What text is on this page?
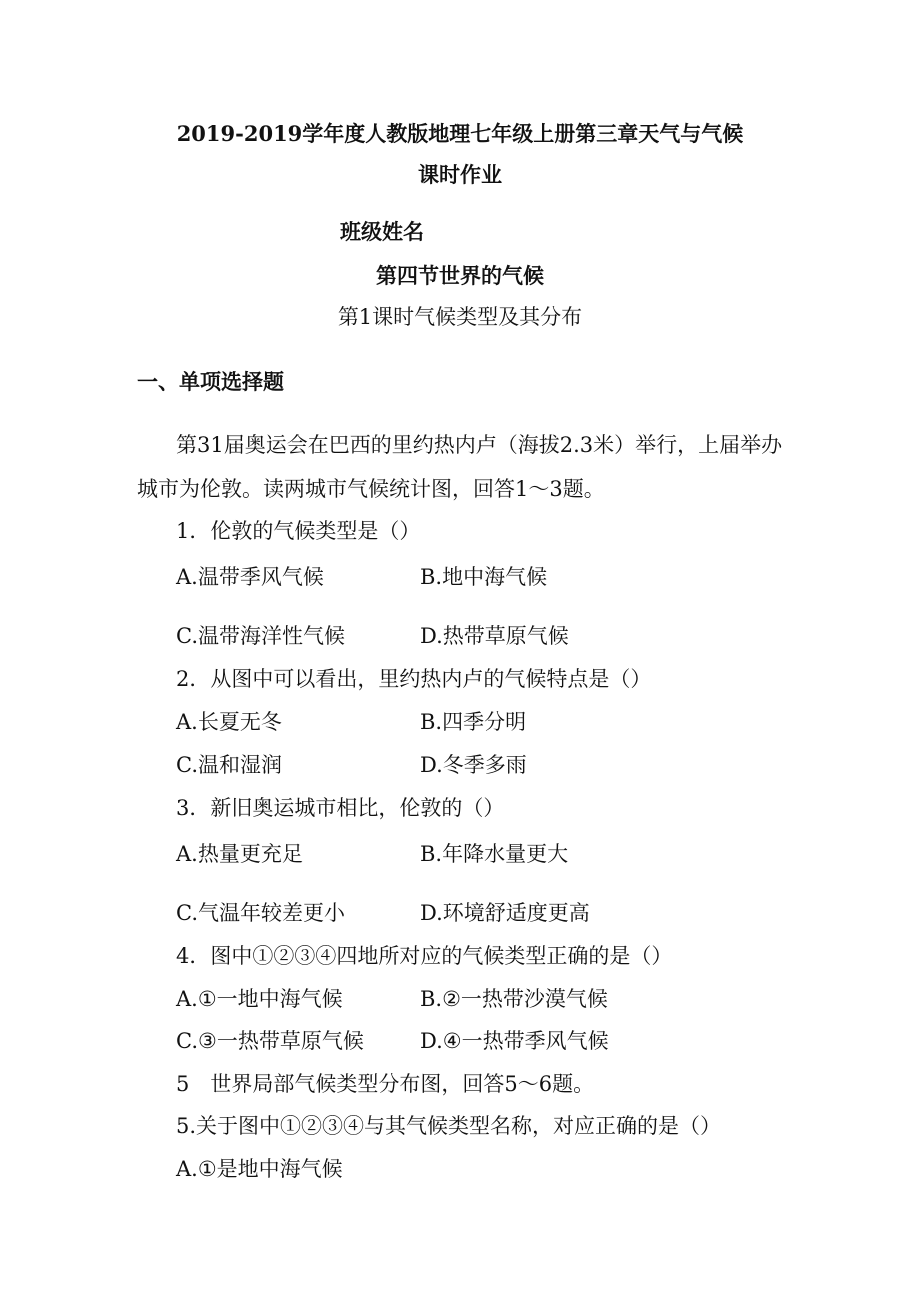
2019-2019学年度人教版地理七年级上册第三章天气与气候
课时作业
班级姓名
第四节世界的气候
第1课时气候类型及其分布
一、单项选择题
第31届奥运会在巴西的里约热内卢（海拔2.3米）举行，上届举办
城市为伦敦。读两城市气候统计图，回答1～3题。
1．伦敦的气候类型是（）
A.温带季风气候	B.地中海气候
C.温带海洋性气候	D.热带草原气候
2．从图中可以看出，里约热内卢的气候特点是（）
A.长夏无冬	B.四季分明
C.温和湿润	D.冬季多雨
3．新旧奥运城市相比，伦敦的（）
A.热量更充足	B.年降水量更大
C.气温年较差更小	D.环境舒适度更高
4．图中①②③④四地所对应的气候类型正确的是（）
A.①一地中海气候	B.②一热带沙漠气候
C.③一热带草原气候	D.④一热带季风气候
5　世界局部气候类型分布图，回答5～6题。
5.关于图中①②③④与其气候类型名称，对应正确的是（）
A.①是地中海气候
